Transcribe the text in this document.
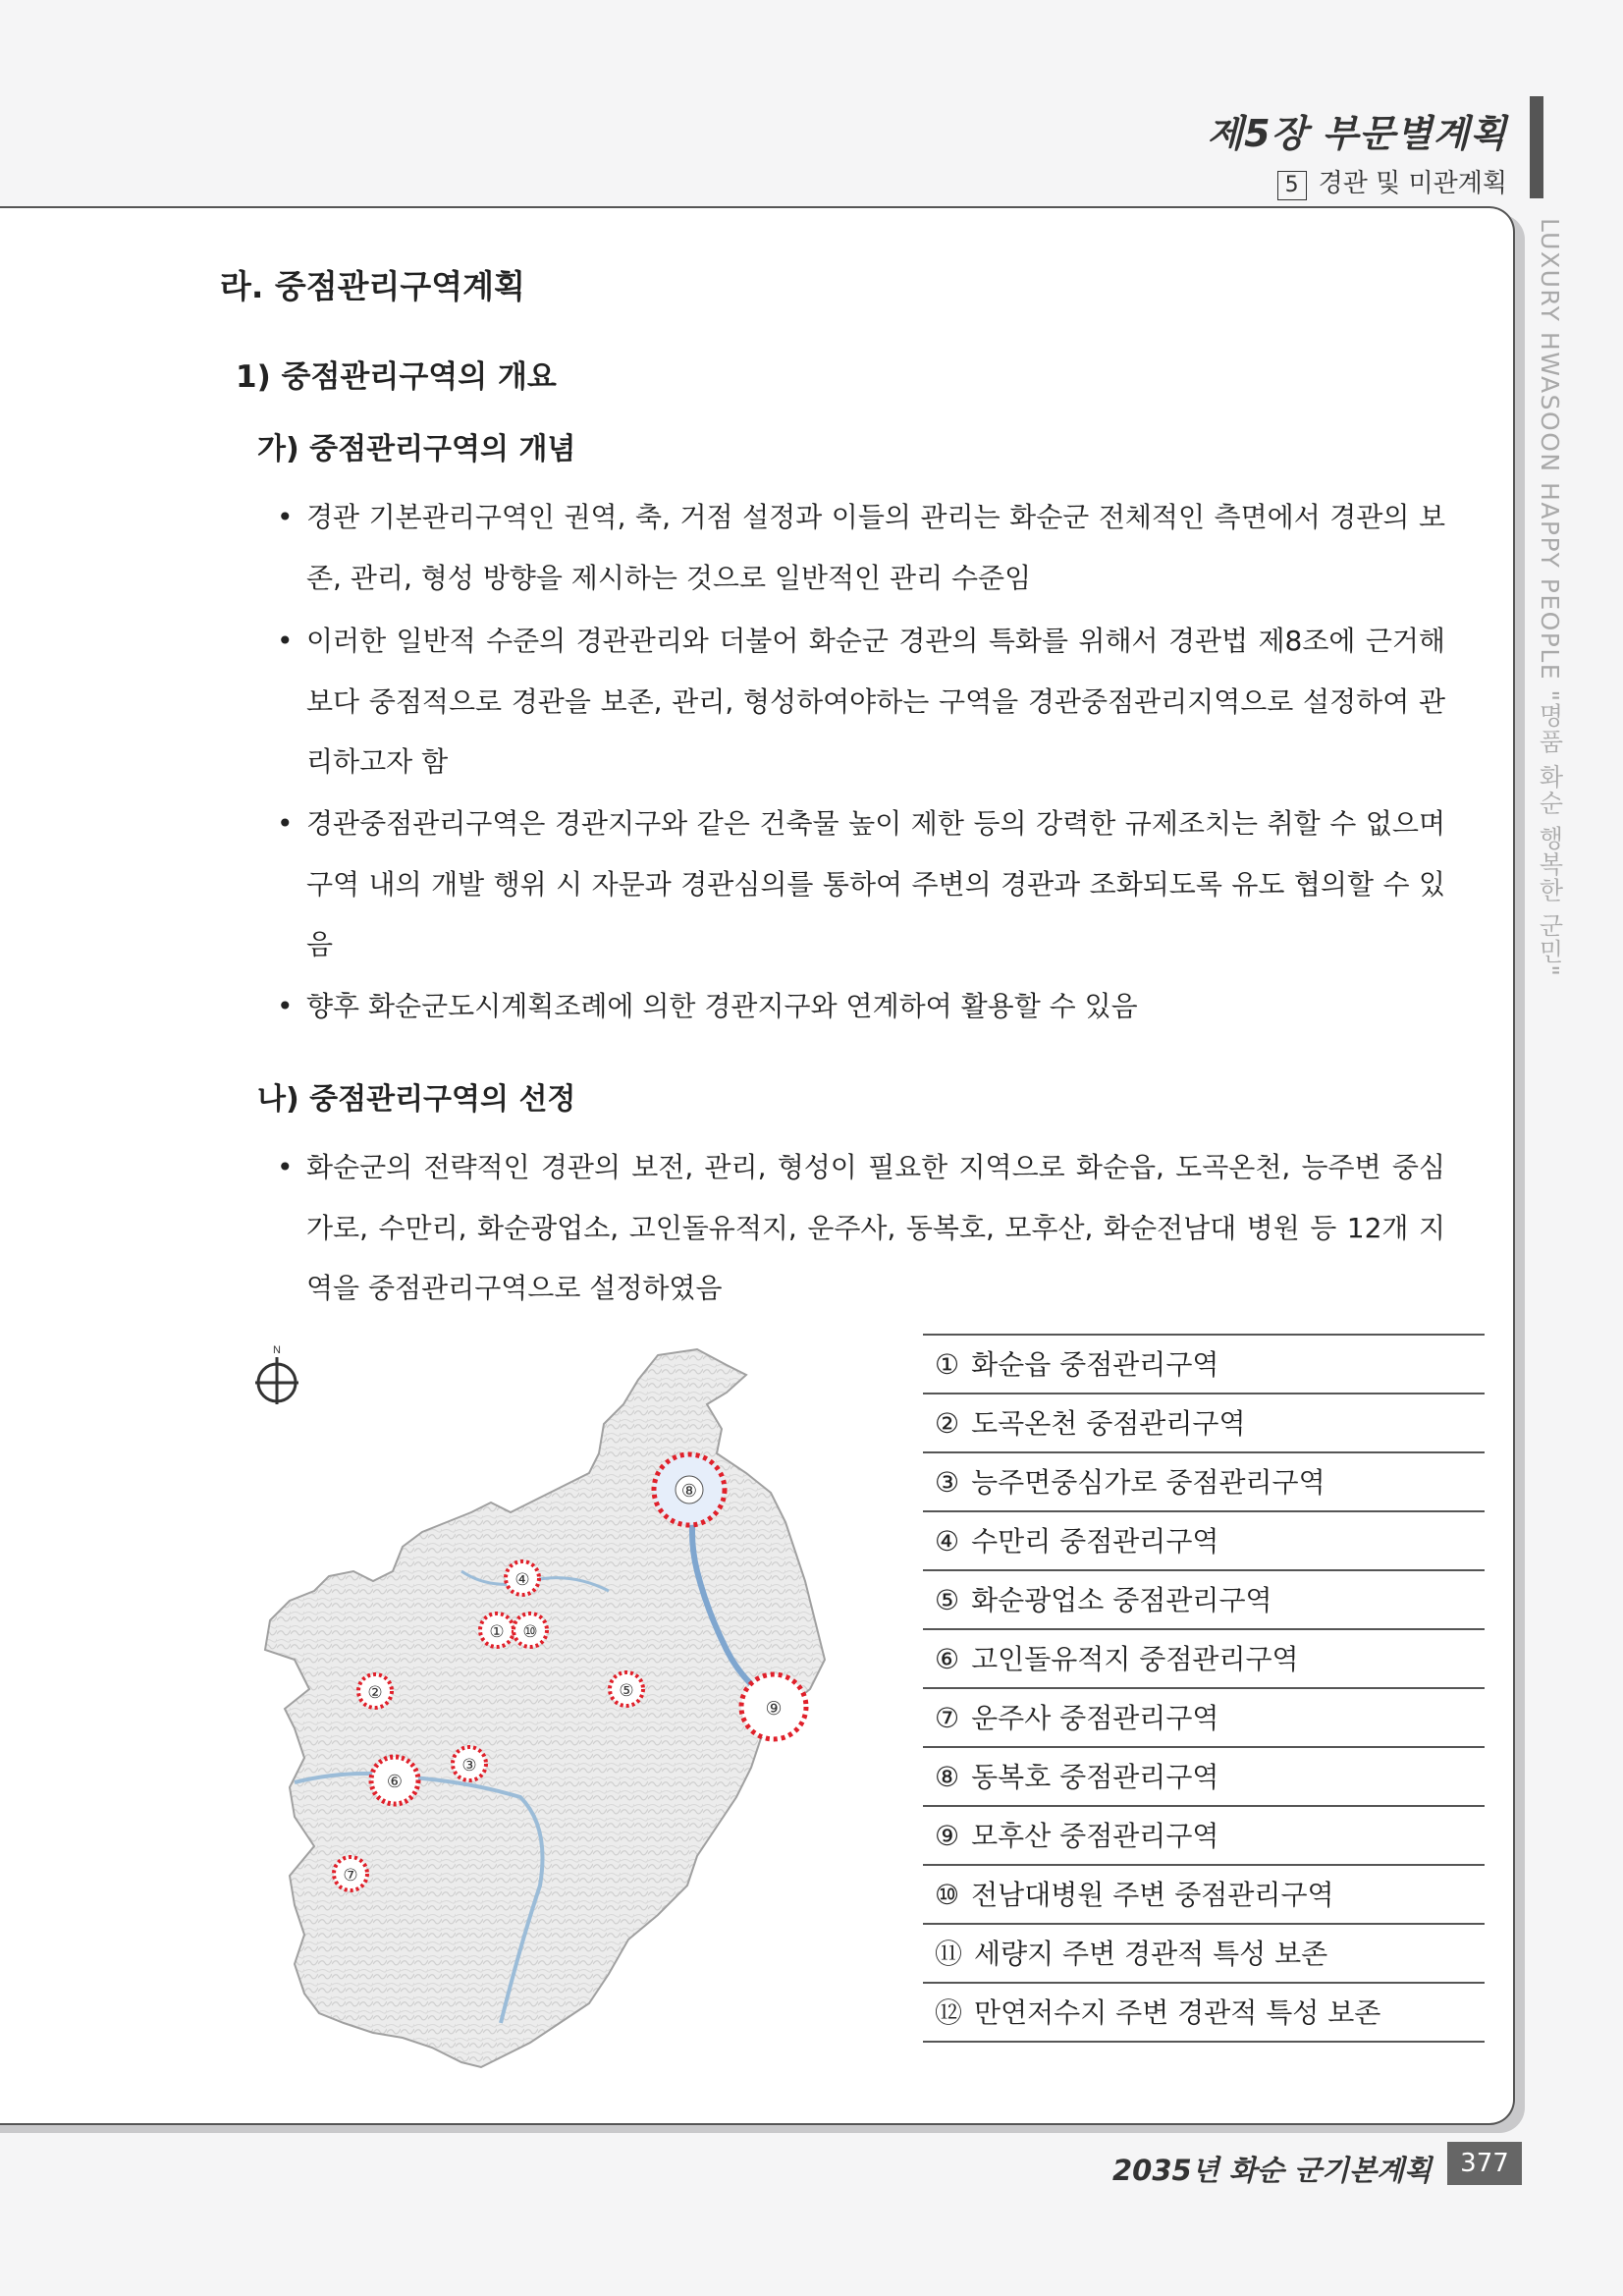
제5장 부문별계획
5 경관 및 미관계획
LUXURY HWASOON HAPPY PEOPLE "명품 화순 행복한 군민"
라. 중점관리구역계획
1) 중점관리구역의 개요
가) 중점관리구역의 개념
• 경관 기본관리구역인 권역, 축, 거점 설정과 이들의 관리는 화순군 전체적인 측면에서 경관의 보존, 관리, 형성 방향을 제시하는 것으로 일반적인 관리 수준임
• 이러한 일반적 수준의 경관관리와 더불어 화순군 경관의 특화를 위해서 경관법 제8조에 근거해 보다 중점적으로 경관을 보존, 관리, 형성하여야하는 구역을 경관중점관리지역으로 설정하여 관리하고자 함
• 경관중점관리구역은 경관지구와 같은 건축물 높이 제한 등의 강력한 규제조치는 취할 수 없으며 구역 내의 개발 행위 시 자문과 경관심의를 통하여 주변의 경관과 조화되도록 유도 협의할 수 있음
• 향후 화순군도시계획조례에 의한 경관지구와 연계하여 활용할 수 있음
나) 중점관리구역의 선정
• 화순군의 전략적인 경관의 보전, 관리, 형성이 필요한 지역으로 화순읍, 도곡온천, 능주변 중심가로, 수만리, 화순광업소, 고인돌유적지, 운주사, 동복호, 모후산, 화순전남대 병원 등 12개 지역을 중점관리구역으로 설정하였음
N
① ⑩
②
③
④
⑤
⑥
⑦
⑧
⑨
① 화순읍 중점관리구역
② 도곡온천 중점관리구역
③ 능주면중심가로 중점관리구역
④ 수만리 중점관리구역
⑤ 화순광업소 중점관리구역
⑥ 고인돌유적지 중점관리구역
⑦ 운주사 중점관리구역
⑧ 동복호 중점관리구역
⑨ 모후산 중점관리구역
⑩ 전남대병원 주변 중점관리구역
⑪ 세량지 주변 경관적 특성 보존
⑫ 만연저수지 주변 경관적 특성 보존
2035년 화순 군기본계획	377
